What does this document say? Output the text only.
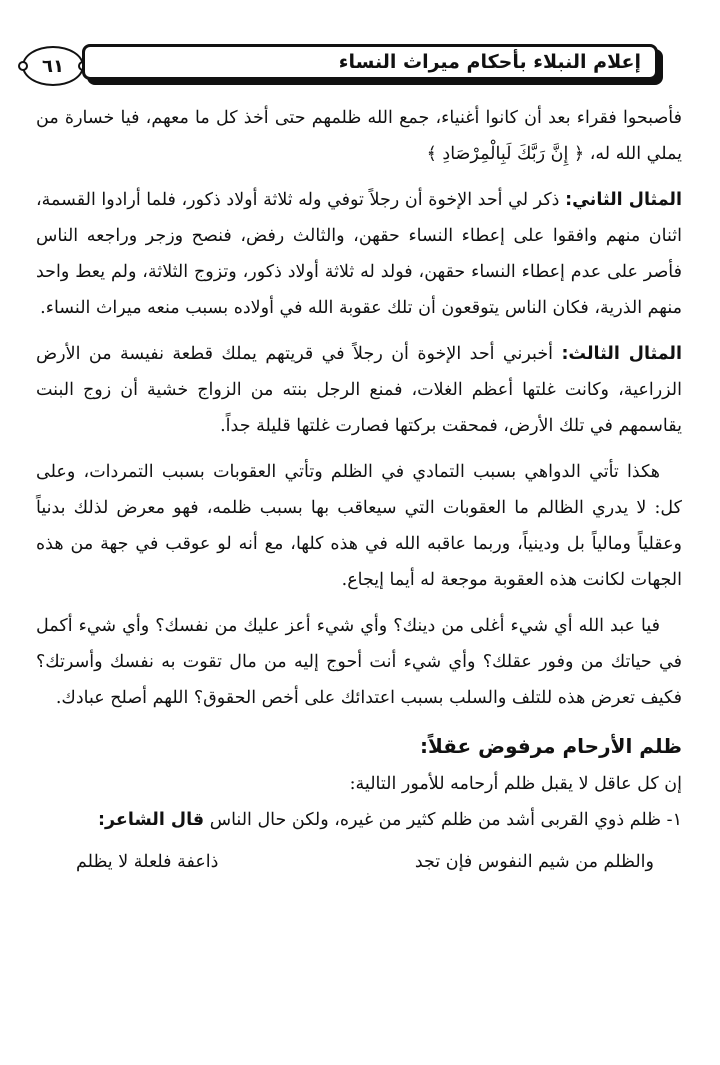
٦١	إعلام النبلاء بأحكام ميراث النساء

فأصبحوا فقراء بعد أن كانوا أغنياء، جمع الله ظلمهم حتى أخذ كل ما معهم، فيا خسارة من يملي الله له، ﴿ إِنَّ رَبَّكَ لَبِالْمِرْصَادِ ﴾

المثال الثاني: ذكر لي أحد الإخوة أن رجلاً توفي وله ثلاثة أولاد ذكور، فلما أرادوا القسمة، اثنان منهم وافقوا على إعطاء النساء حقهن، والثالث رفض، فنصح وزجر وراجعه الناس فأصر على عدم إعطاء النساء حقهن، فولد له ثلاثة أولاد ذكور، وتزوج الثلاثة، ولم يعط واحد منهم الذرية، فكان الناس يتوقعون أن تلك عقوبة الله في أولاده بسبب منعه ميراث النساء.

المثال الثالث: أخبرني أحد الإخوة أن رجلاً في قريتهم يملك قطعة نفيسة من الأرض الزراعية، وكانت غلتها أعظم الغلات، فمنع الرجل بنته من الزواج خشية أن زوج البنت يقاسمهم في تلك الأرض، فمحقت بركتها فصارت غلتها قليلة جداً.

هكذا تأتي الدواهي بسبب التمادي في الظلم وتأتي العقوبات بسبب التمردات، وعلى كل: لا يدري الظالم ما العقوبات التي سيعاقب بها بسبب ظلمه، فهو معرض لذلك بدنياً وعقلياً ومالياً بل ودينياً، وربما عاقبه الله في هذه كلها، مع أنه لو عوقب في جهة من هذه الجهات لكانت هذه العقوبة موجعة له أيما إيجاع.

فيا عبد الله أي شيء أغلى من دينك؟ وأي شيء أعز عليك من نفسك؟ وأي شيء أكمل في حياتك من وفور عقلك؟ وأي شيء أنت أحوج إليه من مال تقوت به نفسك وأسرتك؟ فكيف تعرض هذه للتلف والسلب بسبب اعتدائك على أخص الحقوق؟ اللهم أصلح عبادك.

ظلم الأرحام مرفوض عقلاً:

إن كل عاقل لا يقبل ظلم أرحامه للأمور التالية:

١- ظلم ذوي القربى أشد من ظلم كثير من غيره، ولكن حال الناس قال الشاعر:

والظلم من شيم النفوس فإن تجد
ذاعفة فلعلة لا يظلم
